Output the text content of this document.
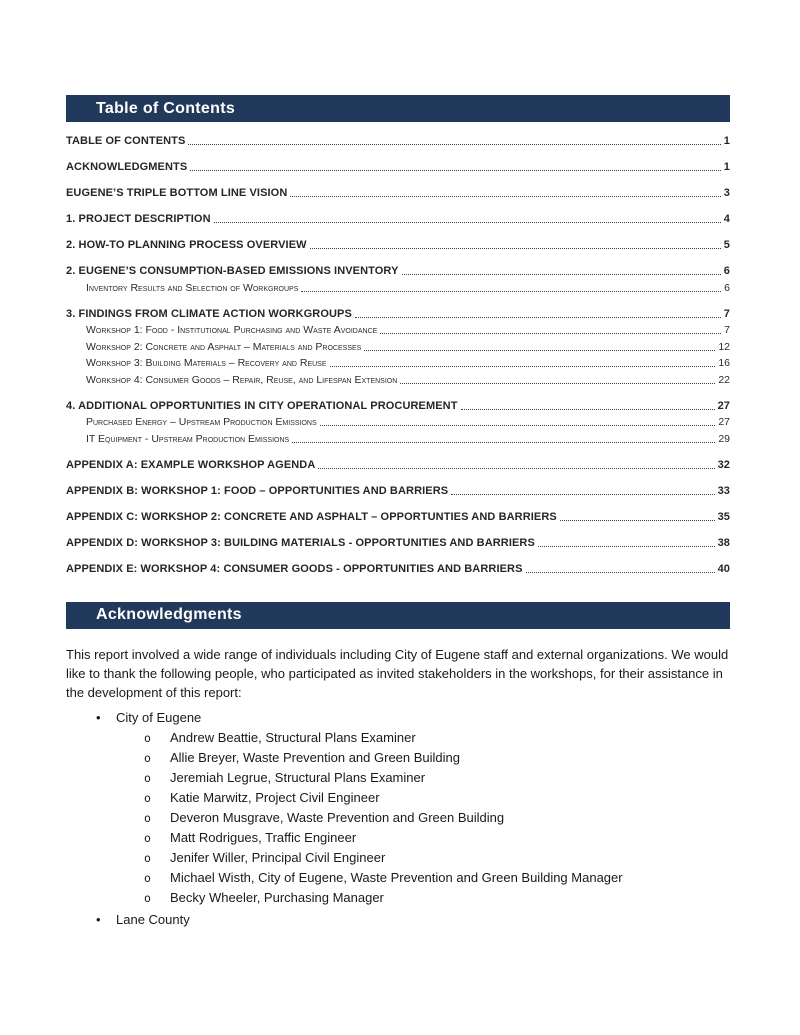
Table of Contents
TABLE OF CONTENTS	1
ACKNOWLEDGMENTS	1
EUGENE’S TRIPLE BOTTOM LINE VISION	3
1. PROJECT DESCRIPTION	4
2. HOW-TO PLANNING PROCESS OVERVIEW	5
2. EUGENE’S CONSUMPTION-BASED EMISSIONS INVENTORY	6
Inventory Results and Selection of Workgroups	6
3. FINDINGS FROM CLIMATE ACTION WORKGROUPS	7
Workshop 1: Food - Institutional Purchasing and Waste Avoidance	7
Workshop 2: Concrete and Asphalt – Materials and Processes	12
Workshop 3: Building Materials – Recovery and Reuse	16
Workshop 4: Consumer Goods – Repair, Reuse, and Lifespan Extension	22
4. ADDITIONAL OPPORTUNITIES IN CITY OPERATIONAL PROCUREMENT	27
Purchased Energy – Upstream Production Emissions	27
IT Equipment - Upstream Production Emissions	29
APPENDIX A: EXAMPLE WORKSHOP AGENDA	32
APPENDIX B: WORKSHOP 1: FOOD – OPPORTUNITIES AND BARRIERS	33
APPENDIX C: WORKSHOP 2: CONCRETE AND ASPHALT – OPPORTUNTIES AND BARRIERS	35
APPENDIX D: WORKSHOP 3: BUILDING MATERIALS - OPPORTUNITIES AND BARRIERS	38
APPENDIX E: WORKSHOP 4: CONSUMER GOODS - OPPORTUNITIES AND BARRIERS	40
Acknowledgments

This report involved a wide range of individuals including City of Eugene staff and external organizations. We would like to thank the following people, who participated as invited stakeholders in the workshops, for their assistance in the development of this report:

•
City of Eugene
o
Andrew Beattie, Structural Plans Examiner
o
Allie Breyer, Waste Prevention and Green Building
o
Jeremiah Legrue, Structural Plans Examiner
o
Katie Marwitz, Project Civil Engineer
o
Deveron Musgrave, Waste Prevention and Green Building
o
Matt Rodrigues, Traffic Engineer
o
Jenifer Willer, Principal Civil Engineer
o
Michael Wisth, City of Eugene, Waste Prevention and Green Building Manager
o
Becky Wheeler, Purchasing Manager
•
Lane County
